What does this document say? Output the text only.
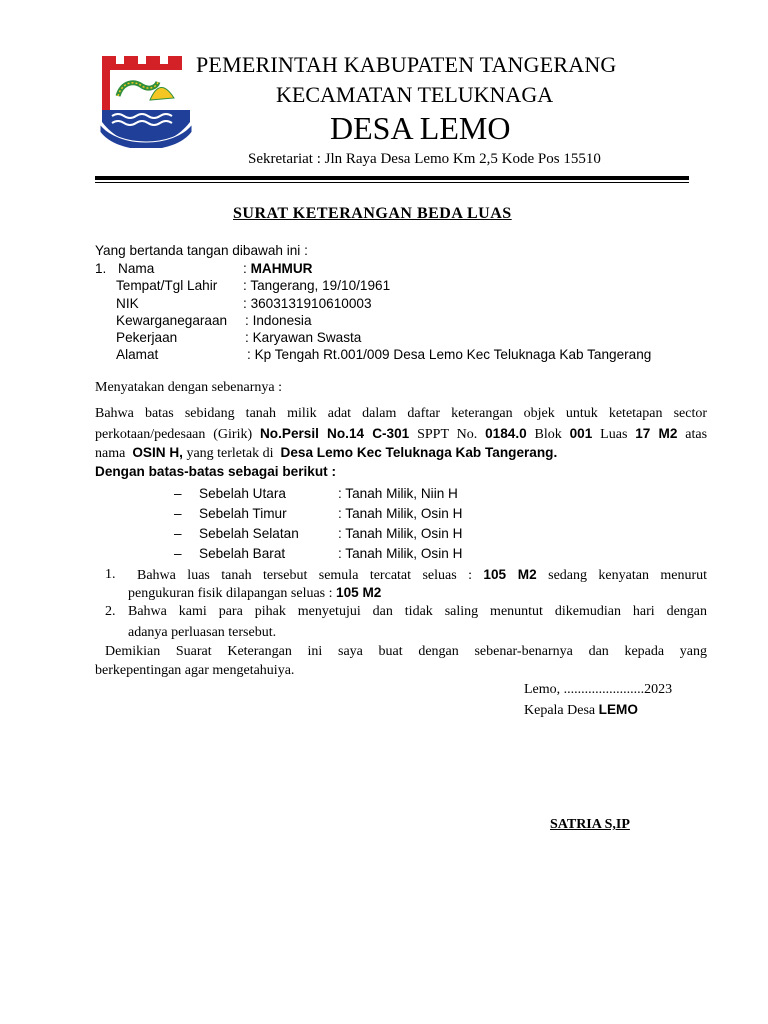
PEMERINTAH KABUPATEN TANGERANG
KECAMATAN TELUKNAGA
DESA LEMO
Sekretariat : Jln Raya Desa Lemo Km 2,5 Kode Pos 15510
SURAT KETERANGAN BEDA LUAS
Yang bertanda tangan dibawah ini :
1. Nama	: MAHMUR
Tempat/Tgl Lahir : Tangerang, 19/10/1961
NIK	: 3603131910610003
Kewarganegaraan : Indonesia
Pekerjaan	: Karyawan Swasta
Alamat	: Kp Tengah Rt.001/009 Desa Lemo Kec Teluknaga Kab Tangerang
Menyatakan dengan sebenarnya :
Bahwa batas sebidang tanah milik adat dalam daftar keterangan objek untuk ketetapan sector
perkotaan/pedesaan (Girik) No.Persil No.14 C-301 SPPT No. 0184.0 Blok 001 Luas 17 M2 atas
nama OSIN H, yang terletak di Desa Lemo Kec Teluknaga Kab Tangerang.
Dengan batas-batas sebagai berikut :
– Sebelah Utara	: Tanah Milik, Niin H
– Sebelah Timur	: Tanah Milik, Osin H
– Sebelah Selatan	: Tanah Milik, Osin H
– Sebelah Barat	: Tanah Milik, Osin H
1. Bahwa luas tanah tersebut semula tercatat seluas : 105 M2 sedang kenyatan menurut
pengukuran fisik dilapangan seluas : 105 M2
2. Bahwa kami para pihak menyetujui dan tidak saling menuntut dikemudian hari dengan
adanya perluasan tersebut.
Demikian Suarat Keterangan ini saya buat dengan sebenar-benarnya dan kepada yang
berkepentingan agar mengetahuiya.
Lemo, .......................2023
Kepala Desa LEMO
SATRIA S,IP
